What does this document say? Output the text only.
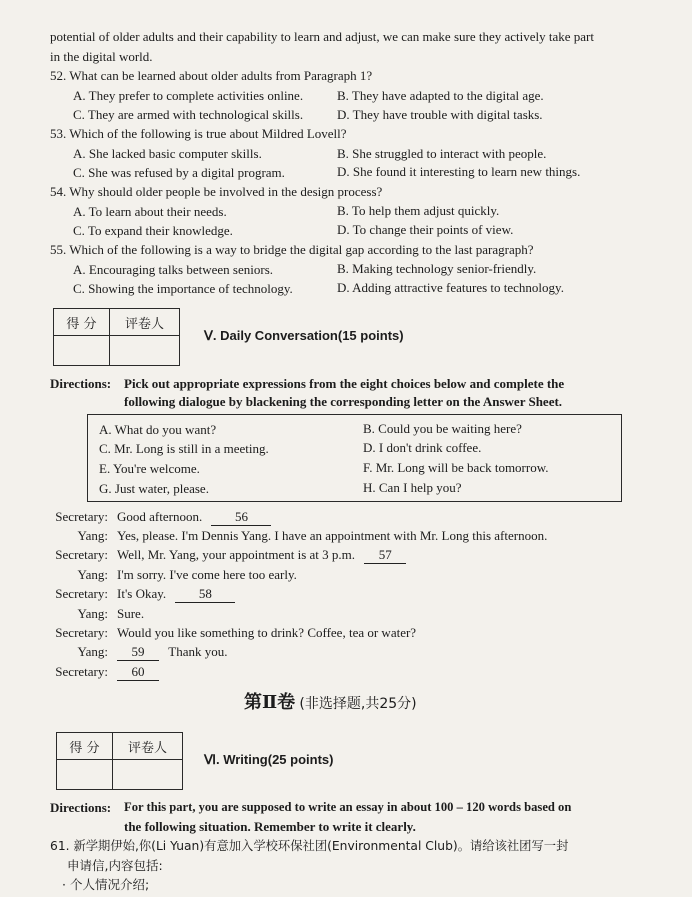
potential of older adults and their capability to learn and adjust, we can make sure they actively take part
in the digital world.
52. What can be learned about older adults from Paragraph 1?
A. They prefer to complete activities online.	B. They have adapted to the digital age.
C. They are armed with technological skills.	D. They have trouble with digital tasks.
53. Which of the following is true about Mildred Lovell?
A. She lacked basic computer skills.	B. She struggled to interact with people.
C. She was refused by a digital program.	D. She found it interesting to learn new things.
54. Why should older people be involved in the design process?
A. To learn about their needs.	B. To help them adjust quickly.
C. To expand their knowledge.	D. To change their points of view.
55. Which of the following is a way to bridge the digital gap according to the last paragraph?
A. Encouraging talks between seniors.	B. Making technology senior-friendly.
C. Showing the importance of technology.	D. Adding attractive features to technology.
得 分	评卷人

Ⅴ. Daily Conversation(15 points)
Directions: Pick out appropriate expressions from the eight choices below and complete the
following dialogue by blackening the corresponding letter on the Answer Sheet.
A. What do you want?	B. Could you be waiting here?
C. Mr. Long is still in a meeting.	D. I don't drink coffee.
E. You're welcome.	F. Mr. Long will be back tomorrow.
G. Just water, please.	H. Can I help you?
Secretary: Good afternoon.	56
Yang: Yes, please. I'm Dennis Yang. I have an appointment with Mr. Long this afternoon.
Secretary: Well, Mr. Yang, your appointment is at 3 p.m. 57
Yang: I'm sorry. I've come here too early.
Secretary: It's Okay.	58
Yang: Sure.
Secretary: Would you like something to drink? Coffee, tea or water?
Yang:	59 Thank you.
Secretary:	60
第Ⅱ卷 (非选择题,共25分)
得 分	评卷人

Ⅵ. Writing(25 points)
Directions: For this part, you are supposed to write an essay in about 100 – 120 words based on
the following situation. Remember to write it clearly.
61. 新学期伊始,你(Li Yuan)有意加入学校环保社团(Environmental Club)。请给该社团写一封
申请信,内容包括:
· 个人情况介绍;
